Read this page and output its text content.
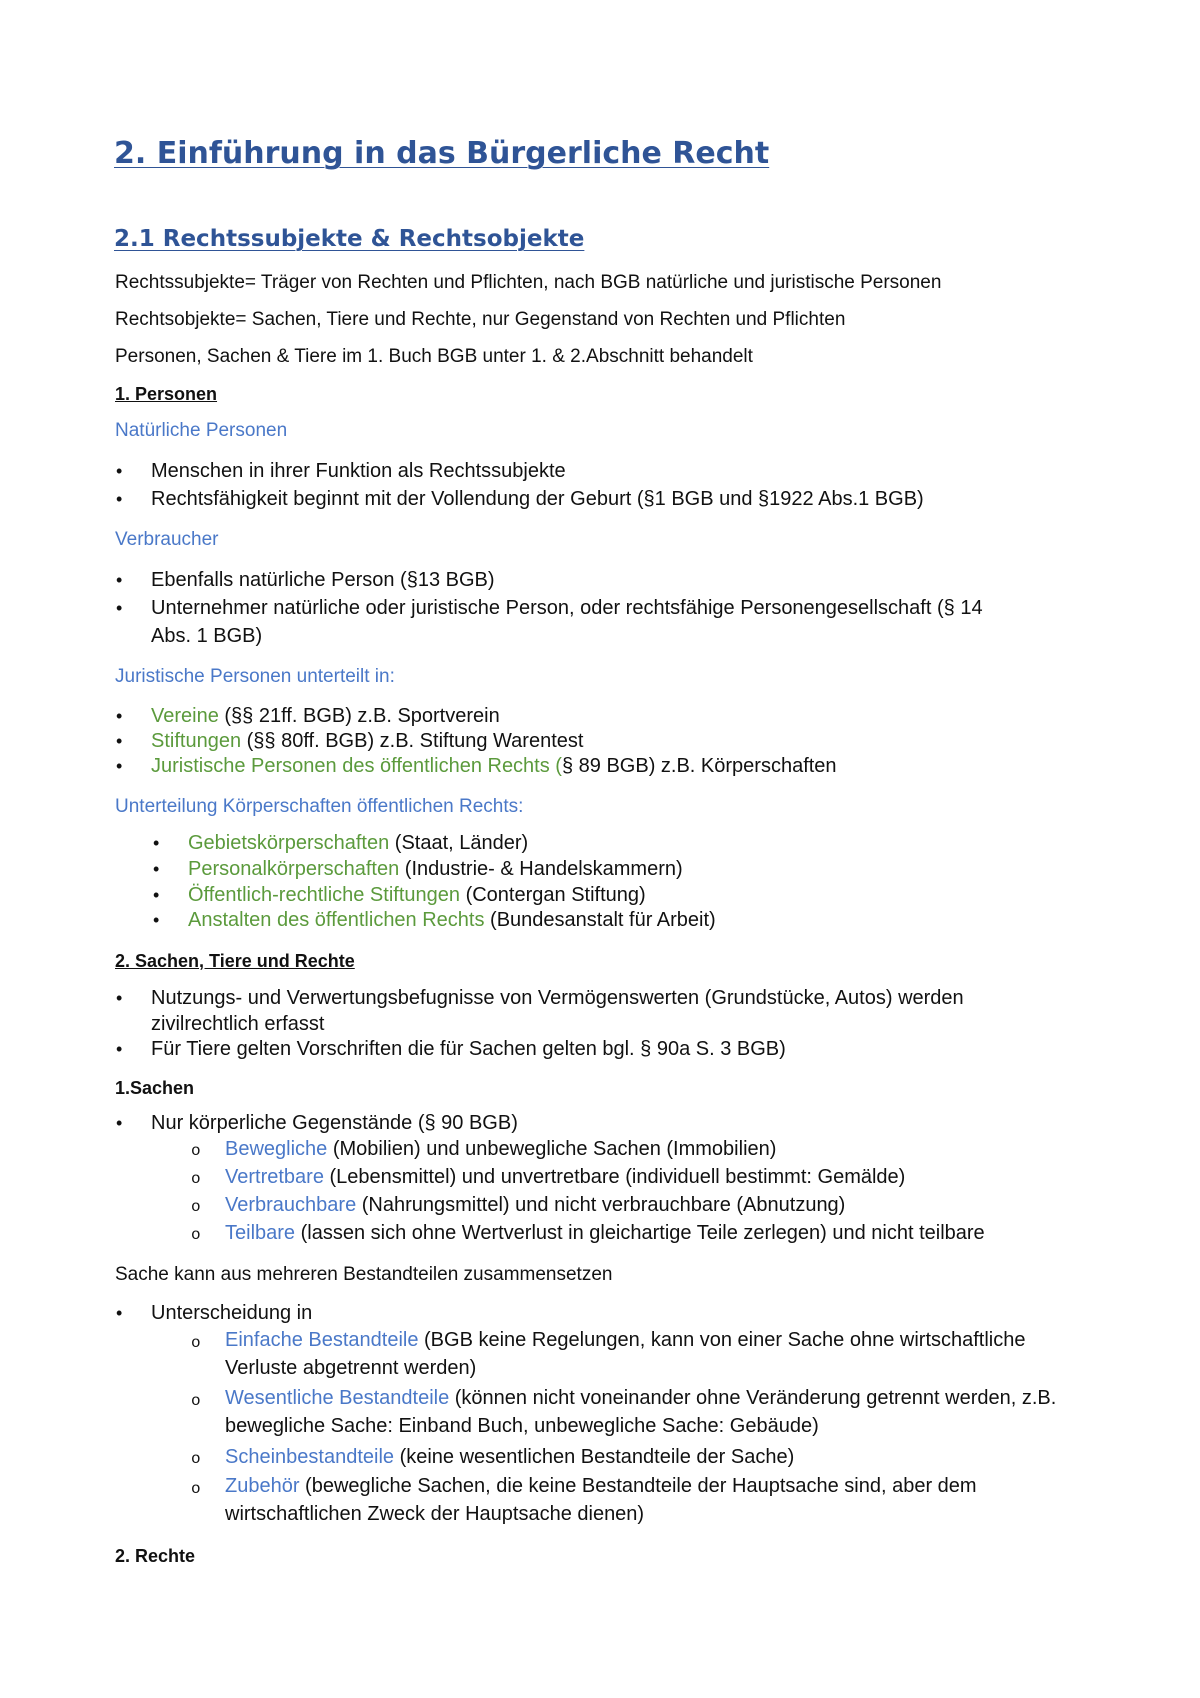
2. Einführung in das Bürgerliche Recht
2.1 Rechtssubjekte & Rechtsobjekte

Rechtssubjekte= Träger von Rechten und Pflichten, nach BGB natürliche und juristische Personen

Rechtsobjekte= Sachen, Tiere und Rechte, nur Gegenstand von Rechten und Pflichten

Personen, Sachen & Tiere im 1. Buch BGB unter 1. & 2.Abschnitt behandelt

1. Personen

Natürliche Personen

• Menschen in ihrer Funktion als Rechtssubjekte

• Rechtsfähigkeit beginnt mit der Vollendung der Geburt (§1 BGB und §1922 Abs.1 BGB)

Verbraucher

• Ebenfalls natürliche Person (§13 BGB)

• Unternehmer natürliche oder juristische Person, oder rechtsfähige Personengesellschaft (§ 14 Abs. 1 BGB)

Juristische Personen unterteilt in:

• Vereine (§§ 21ff. BGB) z.B. Sportverein

• Stiftungen (§§ 80ff. BGB) z.B. Stiftung Warentest

• Juristische Personen des öffentlichen Rechts (§ 89 BGB) z.B. Körperschaften

Unterteilung Körperschaften öffentlichen Rechts:

• Gebietskörperschaften (Staat, Länder)

• Personalkörperschaften (Industrie- & Handelskammern)

• Öffentlich-rechtliche Stiftungen (Contergan Stiftung)

• Anstalten des öffentlichen Rechts (Bundesanstalt für Arbeit)

2. Sachen, Tiere und Rechte

• Nutzungs- und Verwertungsbefugnisse von Vermögenswerten (Grundstücke, Autos) werden zivilrechtlich erfasst

• Für Tiere gelten Vorschriften die für Sachen gelten bgl. § 90a S. 3 BGB)

1.Sachen

• Nur körperliche Gegenstände (§ 90 BGB)

o Bewegliche (Mobilien) und unbewegliche Sachen (Immobilien)

o Vertretbare (Lebensmittel) und unvertretbare (individuell bestimmt: Gemälde)

o Verbrauchbare (Nahrungsmittel) und nicht verbrauchbare (Abnutzung)

o Teilbare (lassen sich ohne Wertverlust in gleichartige Teile zerlegen) und nicht teilbare

Sache kann aus mehreren Bestandteilen zusammensetzen

• Unterscheidung in

o Einfache Bestandteile (BGB keine Regelungen, kann von einer Sache ohne wirtschaftliche Verluste abgetrennt werden)

o Wesentliche Bestandteile (können nicht voneinander ohne Veränderung getrennt werden, z.B. bewegliche Sache: Einband Buch, unbewegliche Sache: Gebäude)

o Scheinbestandteile (keine wesentlichen Bestandteile der Sache)

o Zubehör (bewegliche Sachen, die keine Bestandteile der Hauptsache sind, aber dem wirtschaftlichen Zweck der Hauptsache dienen)

2. Rechte
